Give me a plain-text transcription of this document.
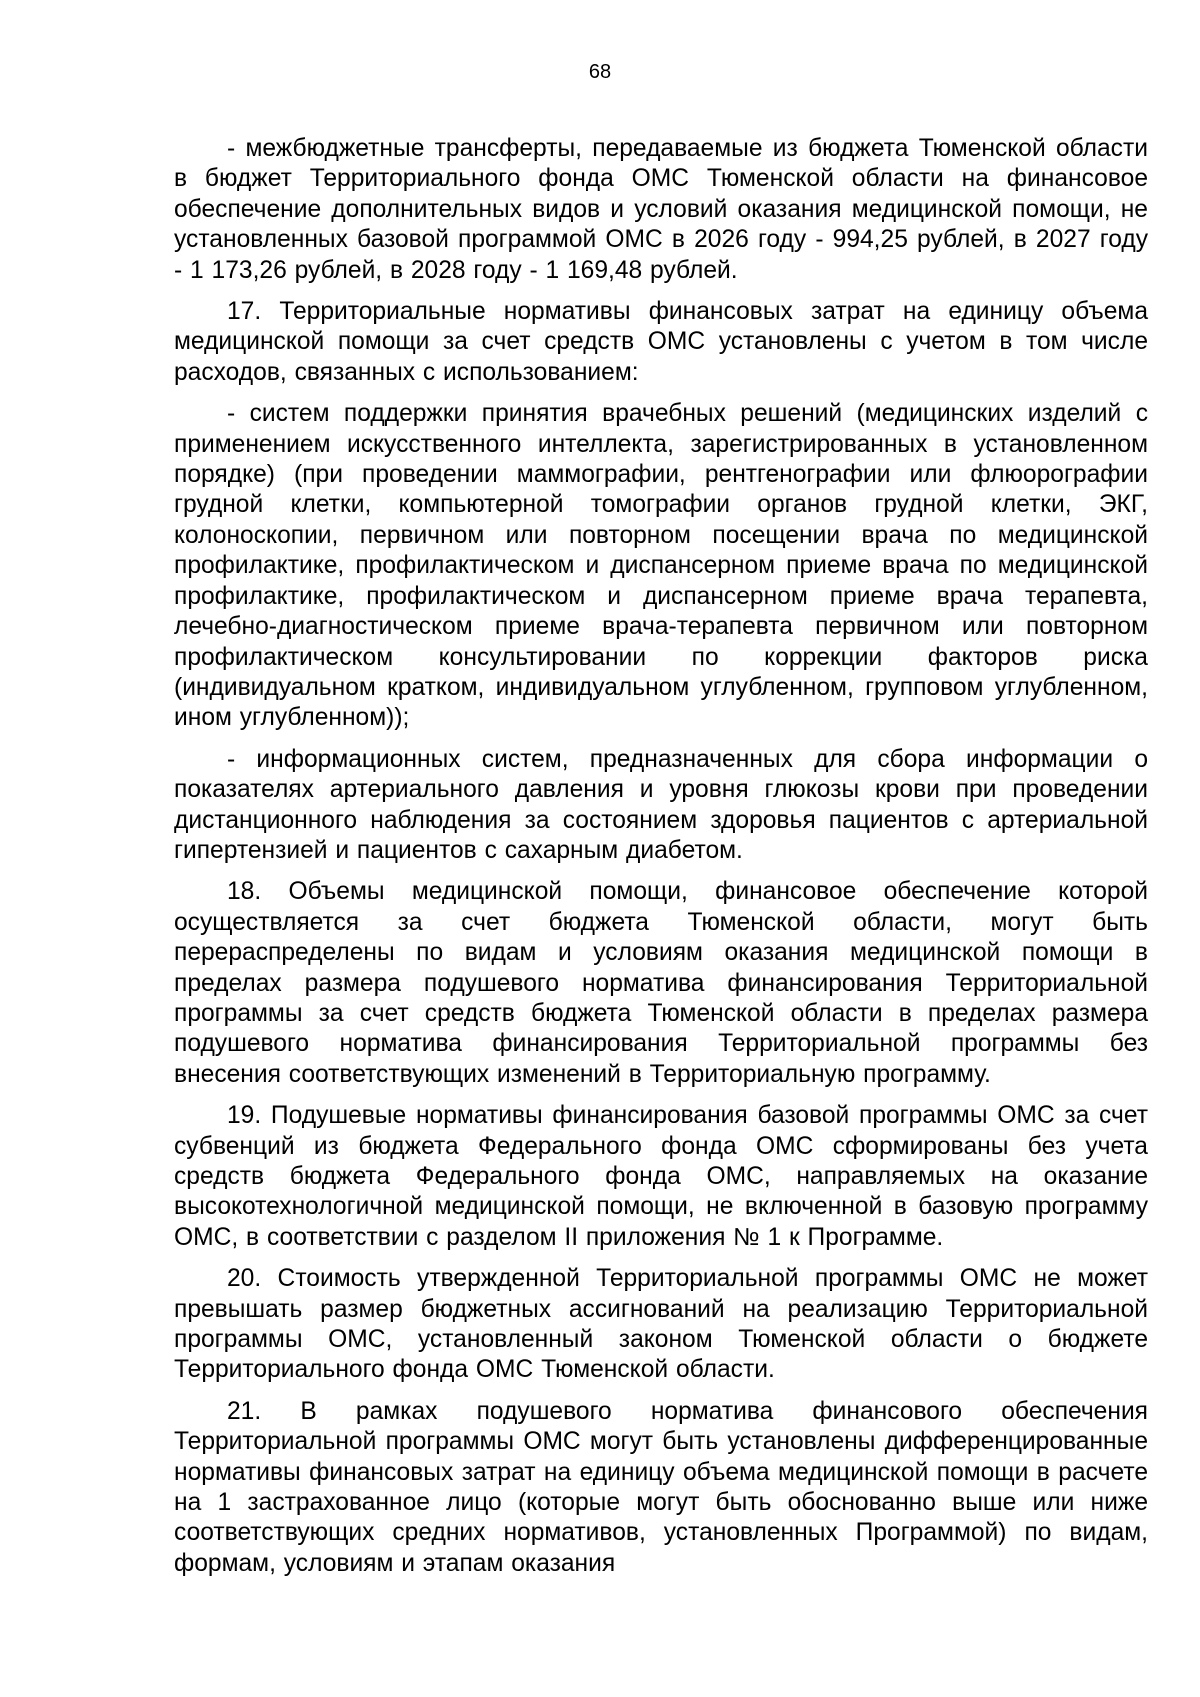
68

- межбюджетные трансферты, передаваемые из бюджета Тюменской области в бюджет Территориального фонда ОМС Тюменской области на финансовое обеспечение дополнительных видов и условий оказания медицинской помощи, не установленных базовой программой ОМС в 2026 году - 994,25 рублей, в 2027 году - 1 173,26 рублей, в 2028 году - 1 169,48 рублей.

17. Территориальные нормативы финансовых затрат на единицу объема медицинской помощи за счет средств ОМС установлены с учетом в том числе расходов, связанных с использованием:

- систем поддержки принятия врачебных решений (медицинских изделий с применением искусственного интеллекта, зарегистрированных в установленном порядке) (при проведении маммографии, рентгенографии или флюорографии грудной клетки, компьютерной томографии органов грудной клетки, ЭКГ, колоноскопии, первичном или повторном посещении врача по медицинской профилактике, профилактическом и диспансерном приеме врача по медицинской профилактике, профилактическом и диспансерном приеме врача терапевта, лечебно-диагностическом приеме врача-терапевта первичном или повторном профилактическом консультировании по коррекции факторов риска (индивидуальном кратком, индивидуальном углубленном, групповом углубленном, ином углубленном));

- информационных систем, предназначенных для сбора информации о показателях артериального давления и уровня глюкозы крови при проведении дистанционного наблюдения за состоянием здоровья пациентов с артериальной гипертензией и пациентов с сахарным диабетом.

18. Объемы медицинской помощи, финансовое обеспечение которой осуществляется за счет бюджета Тюменской области, могут быть перераспределены по видам и условиям оказания медицинской помощи в пределах размера подушевого норматива финансирования Территориальной программы за счет средств бюджета Тюменской области в пределах размера подушевого норматива финансирования Территориальной программы без внесения соответствующих изменений в Территориальную программу.

19. Подушевые нормативы финансирования базовой программы ОМС за счет субвенций из бюджета Федерального фонда ОМС сформированы без учета средств бюджета Федерального фонда ОМС, направляемых на оказание высокотехнологичной медицинской помощи, не включенной в базовую программу ОМС, в соответствии с разделом II приложения № 1 к Программе.

20. Стоимость утвержденной Территориальной программы ОМС не может превышать размер бюджетных ассигнований на реализацию Территориальной программы ОМС, установленный законом Тюменской области о бюджете Территориального фонда ОМС Тюменской области.

21. В рамках подушевого норматива финансового обеспечения Территориальной программы ОМС могут быть установлены дифференцированные нормативы финансовых затрат на единицу объема медицинской помощи в расчете на 1 застрахованное лицо (которые могут быть обоснованно выше или ниже соответствующих средних нормативов, установленных Программой) по видам, формам, условиям и этапам оказания
